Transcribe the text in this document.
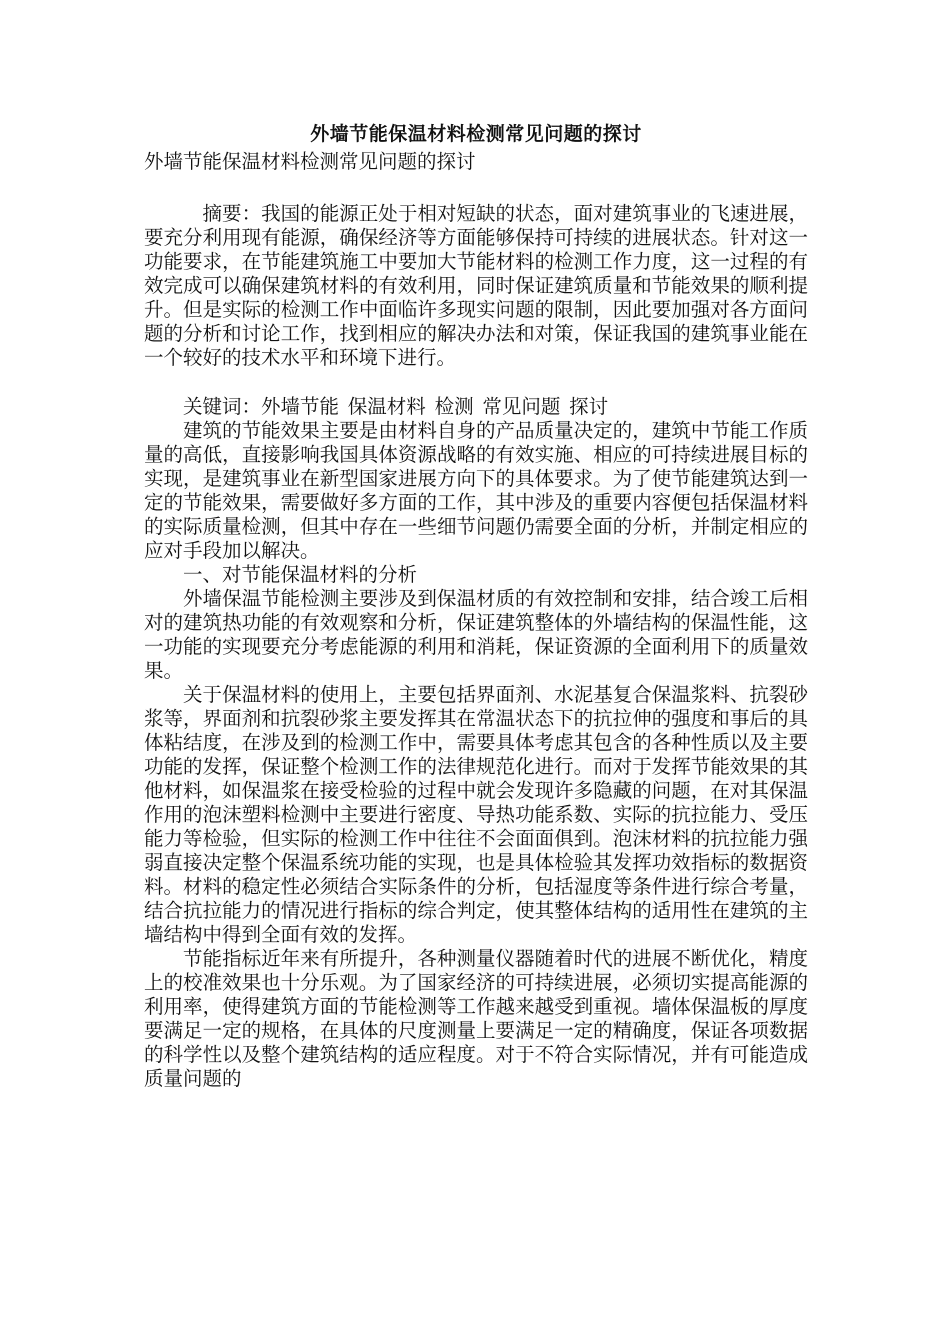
外墙节能保温材料检测常见问题的探讨
外墙节能保温材料检测常见问题的探讨

摘要：我国的能源正处于相对短缺的状态，面对建筑事业的飞速进展，要充分利用现有能源，确保经济等方面能够保持可持续的进展状态。针对这一功能要求，在节能建筑施工中要加大节能材料的检测工作力度，这一过程的有效完成可以确保建筑材料的有效利用，同时保证建筑质量和节能效果的顺利提升。但是实际的检测工作中面临许多现实问题的限制，因此要加强对各方面问题的分析和讨论工作，找到相应的解决办法和对策，保证我国的建筑事业能在一个较好的技术水平和环境下进行。

关键词：外墙节能 保温材料 检测 常见问题 探讨

建筑的节能效果主要是由材料自身的产品质量决定的，建筑中节能工作质量的高低，直接影响我国具体资源战略的有效实施、相应的可持续进展目标的实现，是建筑事业在新型国家进展方向下的具体要求。为了使节能建筑达到一定的节能效果，需要做好多方面的工作，其中涉及的重要内容便包括保温材料的实际质量检测，但其中存在一些细节问题仍需要全面的分析，并制定相应的应对手段加以解决。

一、对节能保温材料的分析

外墙保温节能检测主要涉及到保温材质的有效控制和安排，结合竣工后相对的建筑热功能的有效观察和分析，保证建筑整体的外墙结构的保温性能，这一功能的实现要充分考虑能源的利用和消耗，保证资源的全面利用下的质量效果。

关于保温材料的使用上，主要包括界面剂、水泥基复合保温浆料、抗裂砂浆等，界面剂和抗裂砂浆主要发挥其在常温状态下的抗拉伸的强度和事后的具体粘结度，在涉及到的检测工作中，需要具体考虑其包含的各种性质以及主要功能的发挥，保证整个检测工作的法律规范化进行。而对于发挥节能效果的其他材料，如保温浆在接受检验的过程中就会发现许多隐藏的问题，在对其保温作用的泡沫塑料检测中主要进行密度、导热功能系数、实际的抗拉能力、受压能力等检验，但实际的检测工作中往往不会面面俱到。泡沫材料的抗拉能力强弱直接决定整个保温系统功能的实现，也是具体检验其发挥功效指标的数据资料。材料的稳定性必须结合实际条件的分析，包括湿度等条件进行综合考量，结合抗拉能力的情况进行指标的综合判定，使其整体结构的适用性在建筑的主墙结构中得到全面有效的发挥。

节能指标近年来有所提升，各种测量仪器随着时代的进展不断优化，精度上的校准效果也十分乐观。为了国家经济的可持续进展，必须切实提高能源的利用率，使得建筑方面的节能检测等工作越来越受到重视。墙体保温板的厚度要满足一定的规格，在具体的尺度测量上要满足一定的精确度，保证各项数据的科学性以及整个建筑结构的适应程度。对于不符合实际情况，并有可能造成质量问题的
